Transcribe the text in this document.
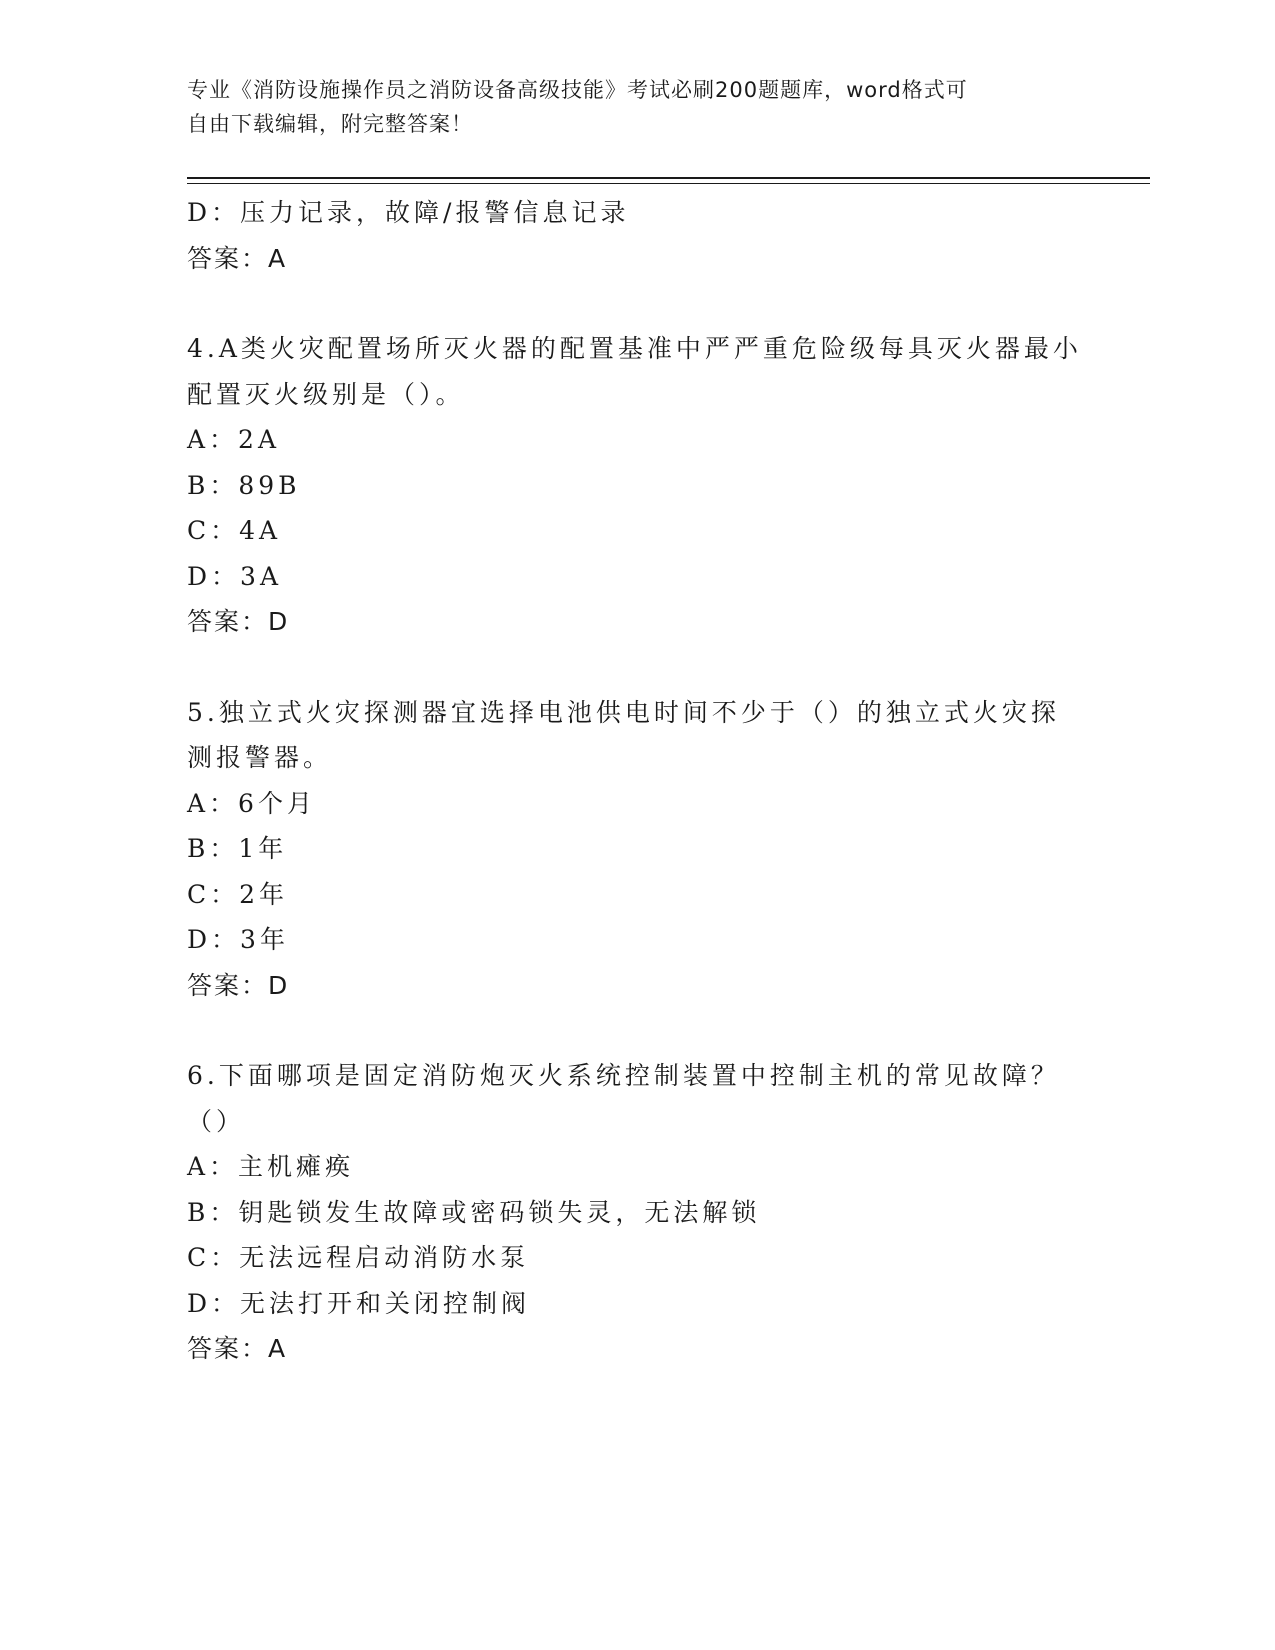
专业《消防设施操作员之消防设备高级技能》考试必刷200题题库，word格式可
自由下载编辑，附完整答案！
D：压力记录，故障/报警信息记录
答案：A
4.A类火灾配置场所灭火器的配置基准中严严重危险级每具灭火器最小
配置灭火级别是（）。
A：2A
B：89B
C：4A
D：3A
答案：D
5.独立式火灾探测器宜选择电池供电时间不少于（）的独立式火灾探
测报警器。
A：6个月
B：1年
C：2年
D：3年
答案：D
6.下面哪项是固定消防炮灭火系统控制装置中控制主机的常见故障？
（）
A：主机瘫痪
B：钥匙锁发生故障或密码锁失灵，无法解锁
C：无法远程启动消防水泵
D：无法打开和关闭控制阀
答案：A
